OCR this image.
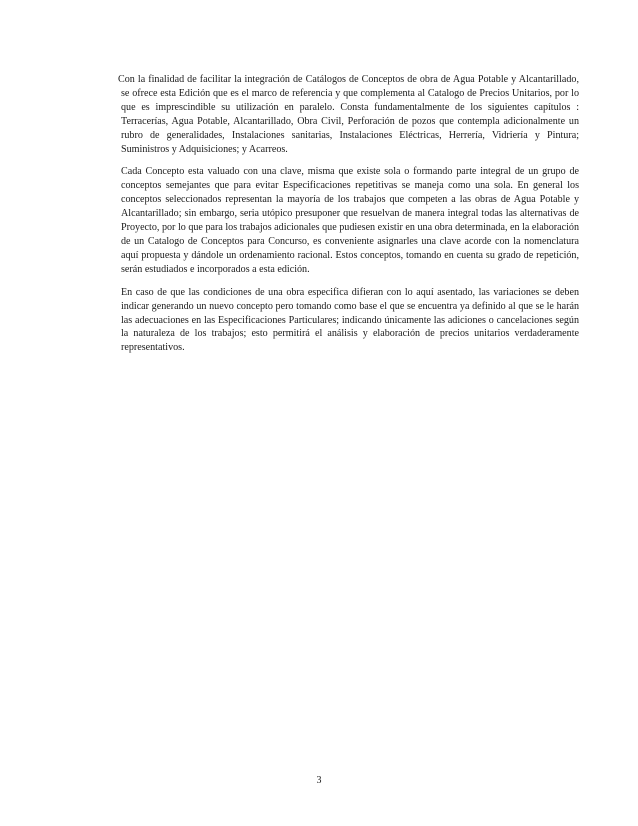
Con la finalidad de facilitar la integración de Catálogos de Conceptos de obra de Agua Potable y Alcantarillado, se ofrece esta Edición que es el marco de referencia y que complementa al Catalogo de Precios Unitarios, por lo que es imprescindible su utilización en paralelo. Consta fundamentalmente de los siguientes capítulos : Terracerías, Agua Potable, Alcantarillado, Obra Civil, Perforación de pozos que contempla adicionalmente un rubro de generalidades, Instalaciones sanitarias, Instalaciones Eléctricas, Herrería, Vidriería y Pintura; Suministros y Adquisiciones; y Acarreos.

Cada Concepto esta valuado con una clave, misma que existe sola o formando parte integral de un grupo de conceptos semejantes que para evitar Especificaciones repetitivas se maneja como una sola. En general los conceptos seleccionados representan la mayoría de los trabajos que competen a las obras de Agua Potable y Alcantarillado; sin embargo, seria utópico presuponer que resuelvan de manera integral todas las alternativas de Proyecto, por lo que para los trabajos adicionales que pudiesen existir en una obra determinada, en la elaboración de un Catalogo de Conceptos para Concurso, es conveniente asignarles una clave acorde con la nomenclatura aquí propuesta y dándole un ordenamiento racional. Estos conceptos, tomando en cuenta su grado de repetición, serán estudiados e incorporados a esta edición.

En caso de que las condiciones de una obra especifica difieran con lo aquí asentado, las variaciones se deben indicar generando un nuevo concepto pero tomando como base el que se encuentra ya definido al que se le harán las adecuaciones en las Especificaciones Particulares; indicando únicamente las adiciones o cancelaciones según la naturaleza de los trabajos; esto permitirá el análisis y elaboración de precios unitarios verdaderamente representativos.

3
